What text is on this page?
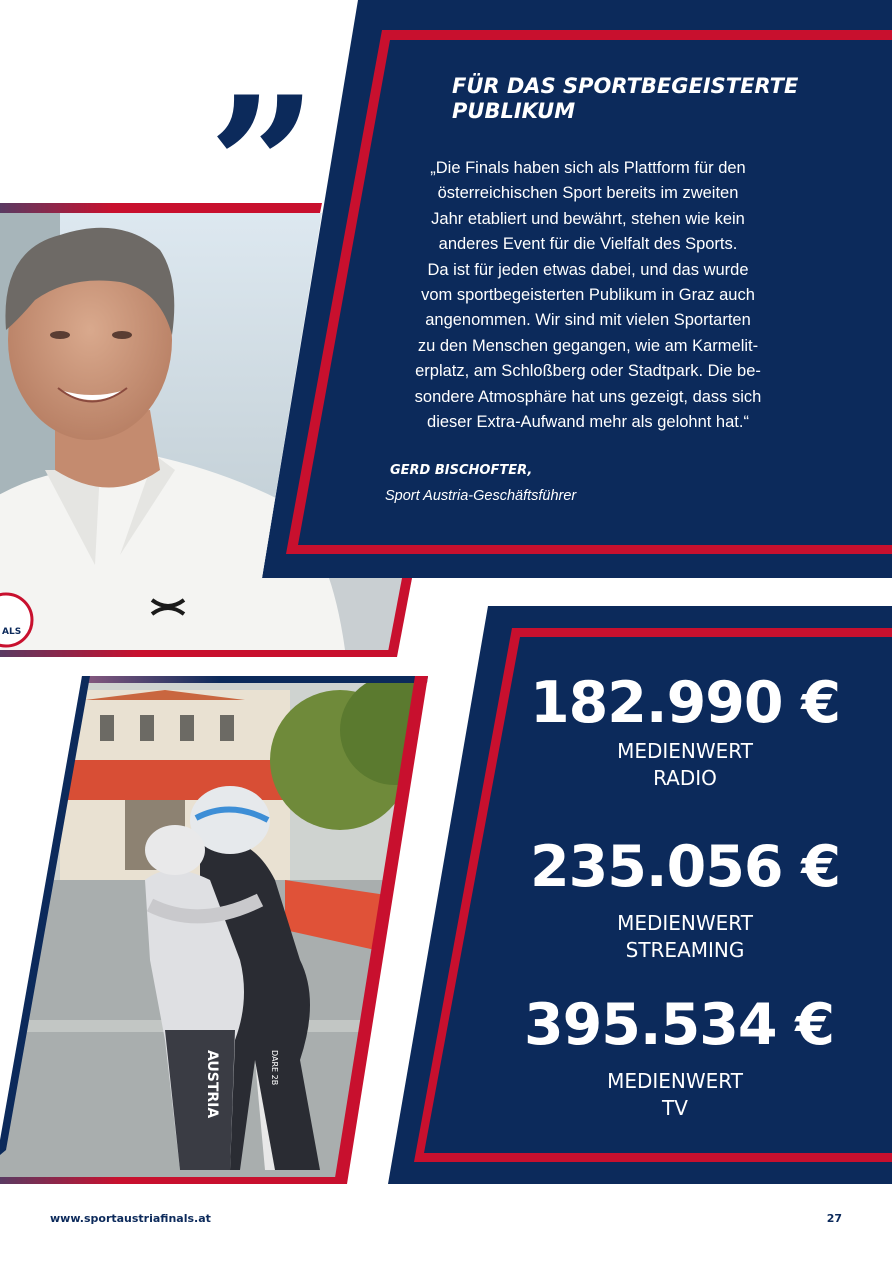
ALS
AUSTRIA	DARE 2B
”	FÜR DAS SPORTBEGEISTERTE
PUBLIKUM

„Die Finals haben sich als Plattform für den

österreichischen Sport bereits im zweiten

Jahr etabliert und bewährt, stehen wie kein

anderes Event für die Vielfalt des Sports.

Da ist für jeden etwas dabei, und das wurde

vom sportbegeisterten Publikum in Graz auch

angenommen. Wir sind mit vielen Sportarten

zu den Menschen gegangen, wie am Karmelit-

erplatz, am Schloßberg oder Stadtpark. Die be-

sondere Atmosphäre hat uns gezeigt, dass sich

dieser Extra-Aufwand mehr als gelohnt hat.“

GERD BISCHOFTER,
Sport Austria-Geschäftsführer
182.990 €
MEDIENWERT
RADIO
235.056 €
MEDIENWERT
STREAMING
395.534 €
MEDIENWERT
TV
www.sportaustriafinals.at	27
